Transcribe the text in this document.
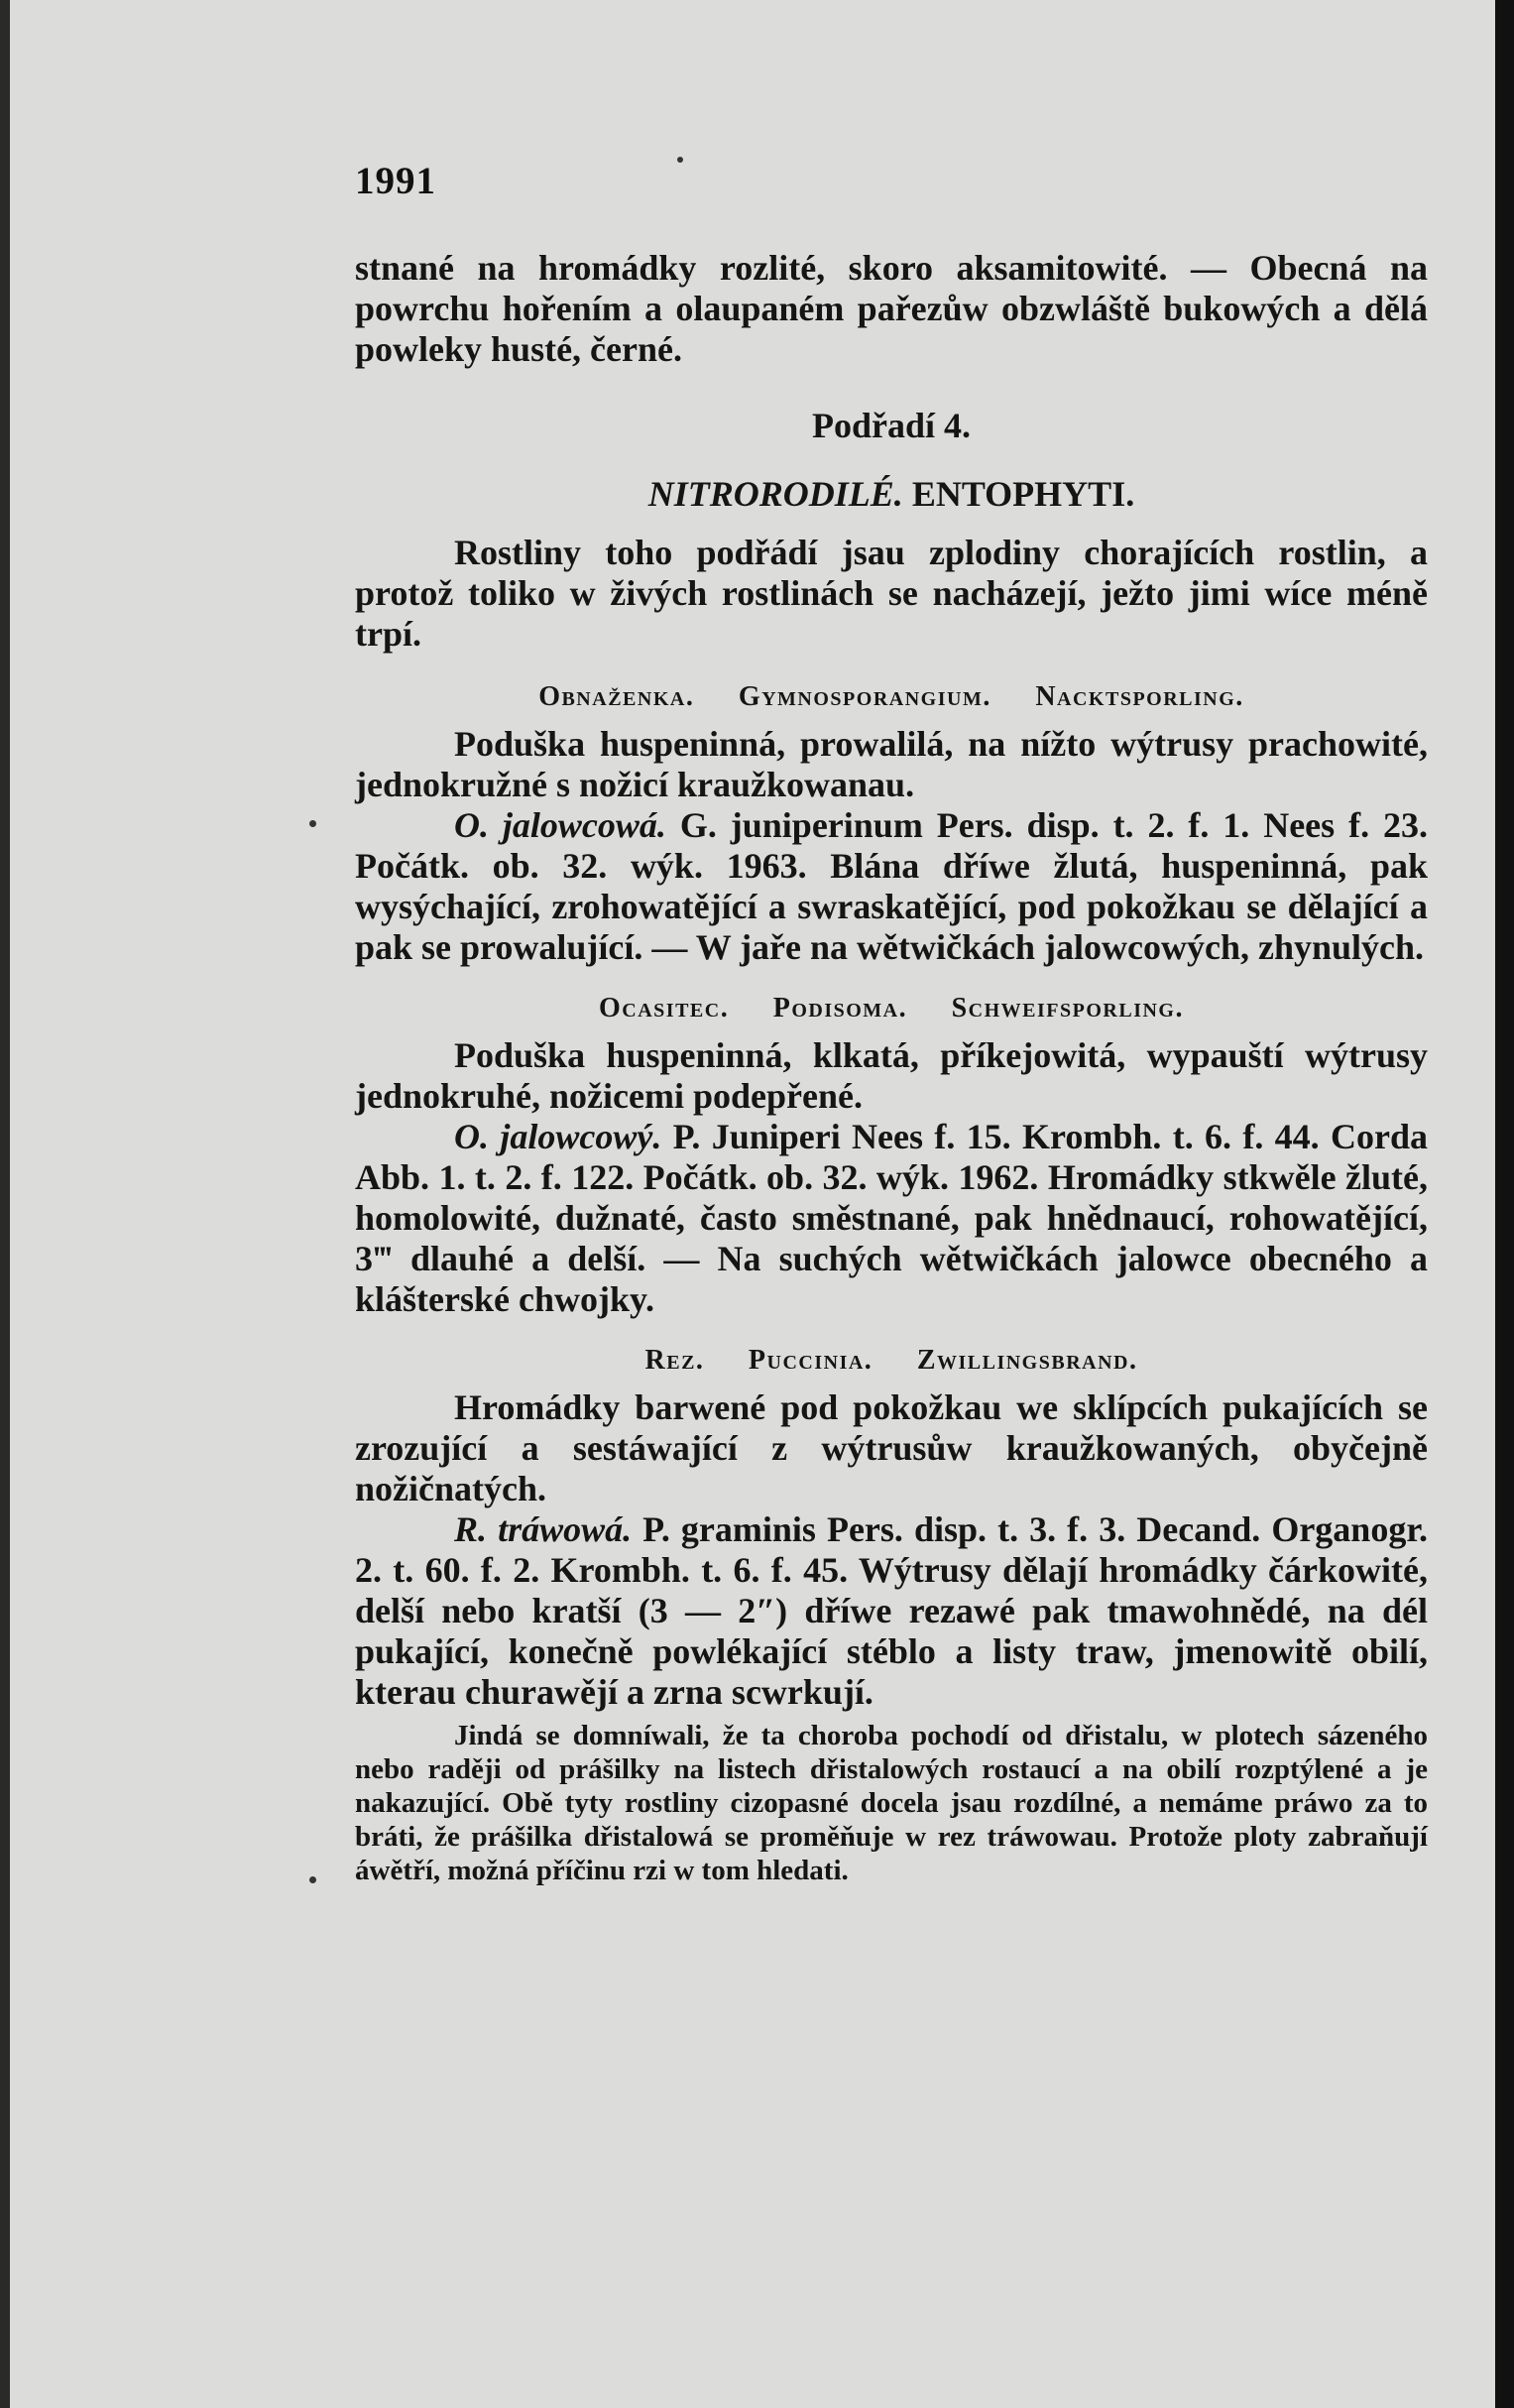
1991

stnané na hromádky rozlité, skoro aksamitowité. — Obecná na powrchu hořením a olaupaném pařezůw obzwláště bukowých a dělá powleky husté, černé.

Podřadí 4.

NITRORODILÉ. ENTOPHYTI.

Rostliny toho podřádí jsau zplodiny chorajících rostlin, a protož toliko w živých rostlinách se nacházejí, ježto jimi wíce méně trpí.

Obnaženka. Gymnosporangium. Nacktsporling.

Poduška huspeninná, prowalilá, na nížto wýtrusy prachowité, jednokružné s nožicí kraužkowanau.

O. jalowcowá. G. juniperinum Pers. disp. t. 2. f. 1. Nees f. 23. Počátk. ob. 32. wýk. 1963. Blána dříwe žlutá, huspeninná, pak wysýchající, zrohowatějící a swraskatějící, pod pokožkau se dělající a pak se prowalující. — W jaře na wětwičkách jalowcowých, zhynulých.

Ocasitec. Podisoma. Schweifsporling.

Poduška huspeninná, klkatá, příkejowitá, wypauští wýtrusy jednokruhé, nožicemi podepřené.

O. jalowcowý. P. Juniperi Nees f. 15. Krombh. t. 6. f. 44. Corda Abb. 1. t. 2. f. 122. Počátk. ob. 32. wýk. 1962. Hromádky stkwěle žluté, homolowité, dužnaté, často směstnané, pak hnědnaucí, rohowatějící, 3‴ dlauhé a delší. — Na suchých wětwičkách jalowce obecného a klášterské chwojky.

Rez. Puccinia. Zwillingsbrand.

Hromádky barwené pod pokožkau we sklípcích pukajících se zrozující a sestáwající z wýtrusůw kraužkowaných, obyčejně nožičnatých.

R. tráwowá. P. graminis Pers. disp. t. 3. f. 3. Decand. Organogr. 2. t. 60. f. 2. Krombh. t. 6. f. 45. Wýtrusy dělají hromádky čárkowité, delší nebo kratší (3 — 2″) dříwe rezawé pak tmawohnědé, na dél pukající, konečně powlékající stéblo a listy traw, jmenowitě obilí, kterau churawějí a zrna scwrkují.

Jindá se domníwali, že ta choroba pochodí od dřistalu, w plotech sázeného nebo raději od prášilky na listech dřistalowých rostaucí a na obilí rozptýlené a je nakazující. Obě tyty rostliny cizopasné docela jsau rozdílné, a nemáme práwo za to bráti, že prášilka dřistalowá se proměňuje w rez tráwowau. Protože ploty zabraňují áwětří, možná příčinu rzi w tom hledati.
